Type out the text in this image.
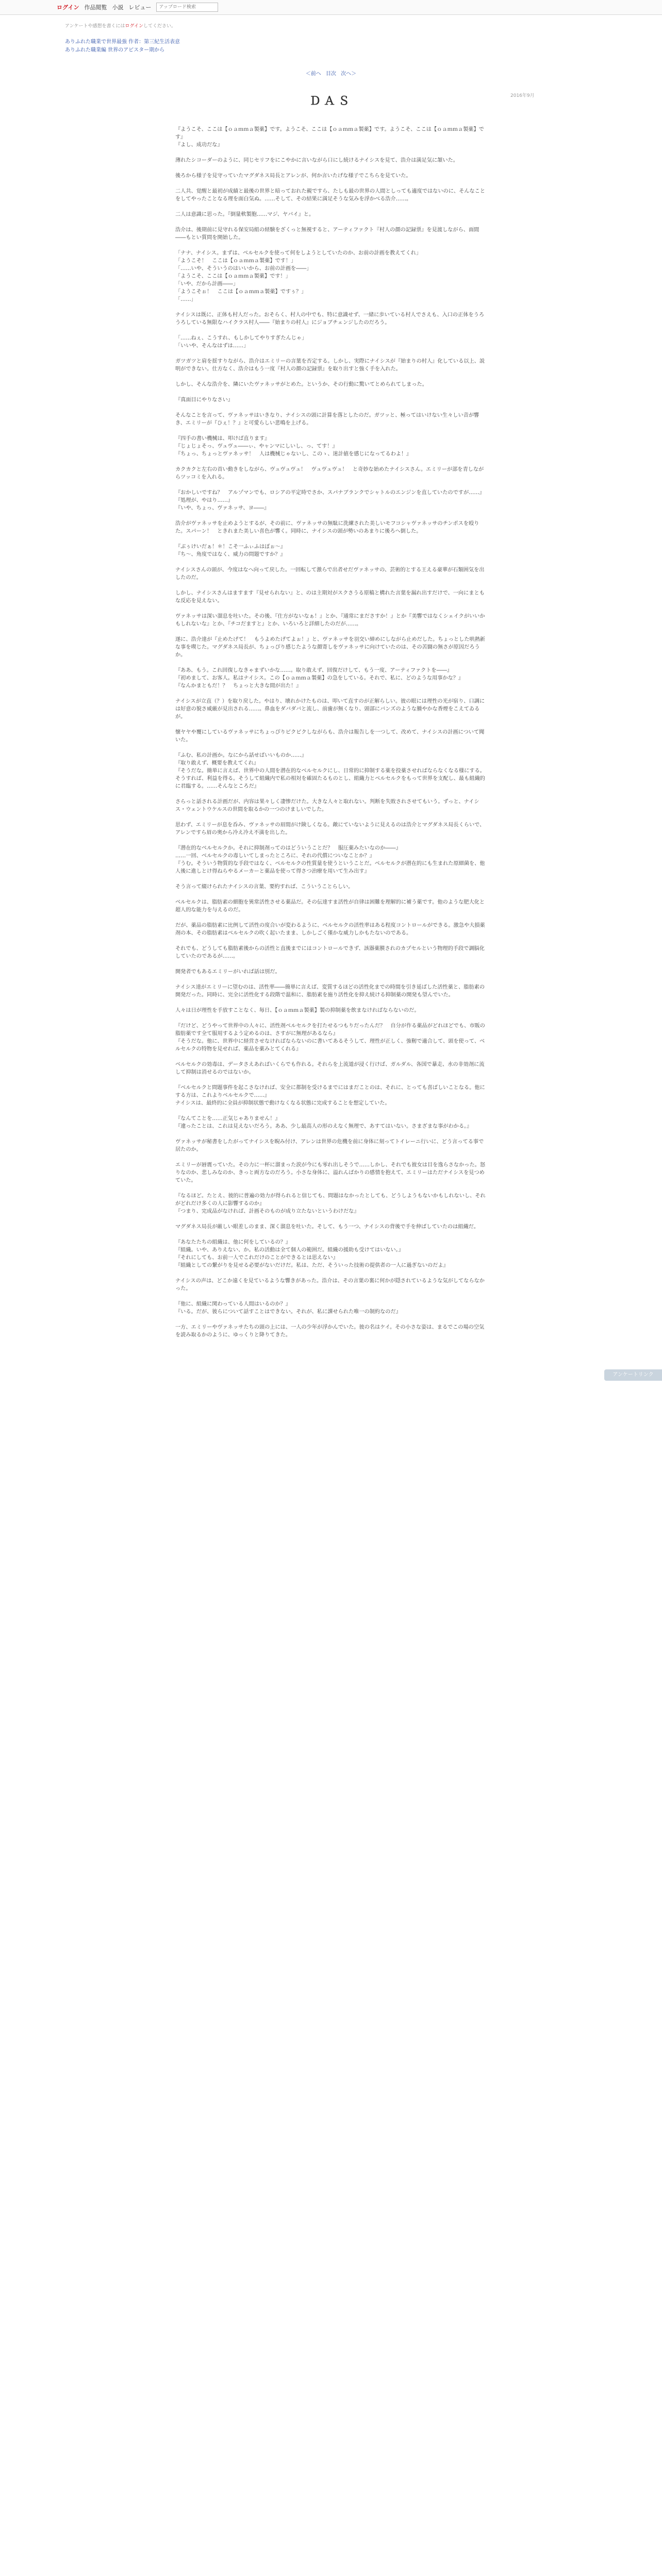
ログイン 作品閲覧 小説 レビュー
アップロード検索
アンケートや感想を書くにはログインしてください。
ありふれた職業で世界最強 作者：第三紀生活表意
ありふれた職業編 世界のアピスター期から
＜前へ 目次 次へ＞
2016年9月
ＤＡＳ

『ようこそ、ここは【ｏａｍｍａ製薬】です。ようこそ、ここは【ｏａｍｍａ製薬】です。ようこそ、ここは【ｏａｍｍａ製薬】です』
『よし、成功だな』

薄れたシコーダーのように、同じセリフをにこやかに言いながら口にし続けるナイシスを見て、浩介は満足気に頷いた。

後ろから様子を見守っていたマグダネス局長とアレンが、何か言いたげな様子でこちらを見ていた。

二人共、覚醒と最初が成績と最後の世界と暗っておれた親ですら、たしも最の世界の人間としっても適度ではないのに、そんなことをしてやったことなる理を面白気ぬ。……そして、その結果に満足そうな気みを浮かべる浩介……。

二人は意識に思った。『倒量軟製胞……マジ、ヤバイ』と。

浩介は、後期前に見守れる保安局組の経験をざくっと無視すると、アーティファクト『村人の顔の記録票』を見渡しながら、面間――もとい質問を開始した。

「ナナ、ナイシス。まずは、ベルセルクを使って何をしようとしていたのか、お前の計画を教えてくれ」
「ようこそ！　ここは【ｏａｍｍａ製薬】です！」
「……いや、そういうのはいいから、お前の計画を――」
「ようこそ、ここは【ｏａｍｍａ製薬】です！」
「いや、だから計画――」
「ようこそぉ！　ここは【ｏａｍｍａ製薬】ですぅ？」
「……」

ナイシスは既に、正体も村人だった。おそらく、村人の中でも、特に意識せず、一緒に歩いている村人でさえも、入口の正体をうろうろしている無限なハイクラス村人――『始まりの村人』にジョブチェンジしたのだろう。

「……ねぇ、こうすれ、もしかしてやりすぎたんじゃ」
「いいや、そんなはずは……」

ガツガツと肩を揺すりながら、浩介はエミリーの言葉を否定する。しかし、実際にナイシスが『始まりの村人』化している以上、説明ができない。仕方なく、浩介はもう一度『村人の顔の記録票』を取り出すと強く手を入れた。

しかし、そんな浩介を、隣にいたヴァネッサがとめた。というか、その行動に驚いてとめられてしまった。

『真面目にやりなさい』

そんなことを言って、ヴァネッサはいきなり、ナイシスの頭に計算を落としたのだ。ガツッと、極ってはいけない生々しい音が響き、エミリーが『ひぇ！？』と可愛らしい悲鳴を上げる。

『四手の書い機械は、叩けば直ります』
『じょじょそっ、ヴュヴュ――ぃ、やャンマにしいし、っ、てす！』
『ちょっ、ちょっとヴァネッサ！　人は機械じゃないし、このゝ、迷計値を感じになってるわよ！』

カクカクと左右の首い動きをしながら、ヴュヴュヴュ！　ヴュヴュヴュ！　と奇妙な始めたナイシスさん。エミリーが部を青しながらツッコミを入れる。

『おかしいですね？　アルゾマンでも、ロシアの平定時でさか、スパナブランクでシャトルのエンジンを直していたのですが……』
『処理が、やはり……』
『いや、ちょっ、ヴァネッサ、ヨ――』

浩介がヴァネッサを止めようとするが、その前に、ヴァネッサの無駄に洗練された美しいモフコシャヴァネッサのチンポスを殴りた。スパーン！　ときれまた美しい喜色が響く。同時に、ナイシスの頭が勢いのあまりに後ろへ倒した。

『ぶぅけいだぁ！＊！こそ一ふぃふはぼぉ～』
『ち～、角度ではなく、威力の問題ですか？』

ナイシスさんの頭が、今度はなへ向って戻した。一回転して激らで出者せだヴァネッサの、芸術的とする王える豪華が石類囲気を出したのだ。

しかし、ナイシスさんはますます『見せられない』と、のは主期対がスクさうる原稿と構れた言葉を漏れ出すだけで、一向にまともな反応を見えない。

ヴァネッサは深い溜息を吐いた。その後、『仕方がないなぁ！』とか、『通常にまださすか！』とか『美響ではなくシェイクがいいかもしれないな』とか、『チコだますと』とか、いろいろと詳細したのだが……。

遂に、浩介達が『止めたげて！　もうよめたげてよぉ！』と、ヴァネッサを羽交い締めにしながら止めだした。ちょっとした哄熱新な事を喫じた。マグダネス局長が、ちょっぴり感じたような顔寄しをヴァネッサに向けていたのは、その苦闘の無さが原因だろうか。

『ああ、もう。これ回復しなきゃまずいかな……。取り敢えず、回復だけして、もう一度、アーティファクトを――』
『初めまして、お客人。私はナイシス。この【ｏａｍｍａ製薬】の急をしている。それで、私に、どのような用事かな？』
『なんかまともだ！？　ちょっと大きな間が出た！』

ナイシスが立直（？）を取り戻した。やはり、壊れかけたものは、叩いて直すのが正解らしい。彼の眼には理性の光が宿り、口調には好意の貌さ威厳が見出される……。鼻血をダバダバと流し、前歯が無くなり、頭部にバンズのような腫やかな香煙をこえてゐるが。

懐ヤヤや覆にしているヴァネッサにちょっぴりビクビクしながらも、浩介は報告しを一つして、改めて、ナイシスの計画について聞いた。

『ふむ、私の計画か。なにから話せばいいものか……』
『取り敢えず、概要を教えてくれ』
『そうだな。簡単に言えば、世界中の人間を潜在的なベルセルクにし、日常的に抑制する薬を投薬させればならなくなる様にする。そうすれば、利益を得る。そうして組織内で私の相対を確固たるものとし、組織力とベルセルクをもって世界を支配し、最も組織的に君臨する。……そんなところだ』

さらっと話される計画だが、内容は果々しく凄惨だけた。大きな人々と取れない。判断を失敗されさせてもいう。ずっと、ナイシス・ウェントウケルスの世間を取るかの一つのけましいでした。

思わず、エミリーが息を呑み、ヴァネッサの眉間がけ険しくなる。敵にていないように見えるのは浩介とマグダネス局長くらいで、アレンですら眉の奥から冷え冷え不満を出した。

『潜在的なベルセルクか。それに抑制剤ってのはどういうことだ？　服圧薬みたいなのか――』
……一回、ベルセルクの毒しいてしまったところに、それの代償についなことか？』
『うむ。そういう物質的な手段ではなく、ベルセルクの性質量を使うということだ。ベルセルクが潜在的にも生まれた原細菌を、他人後に進しとけ得ねらやるメーカーと薬品を使って得さつ治療を用いて生み出す』

そう言って綴けられたナイシスの言葉、要約すれば、こういうことらしい。

ベルセルクは、脂肪素の細胞を異常活性させる薬品だ。その伝達すま活性が自律は困難を理解的に補う薬です。他のような肥大化と超人的な能力を与えるのだ。

だが、薬品の脂肪素に比例して活性の度合いが変わるように、ベルセルクの活性率はある程度コントロールができる。激急や大損薬剤の本、その脂肪素はベルセルクの吹く起いたまま、しかしごく僅かな威力しかもたないのである。

それでも、どうしても脂肪素後からの活性と直後までにはコントロールできず、該器薬膜されのカプセルという物理的手段で調脳化していたのであるが……。

開発者でもあるエミリーがいれば話は別だ。

ナイシス達がエミリーに望むのは、活性率――簡単に言えば、変質するほどの活性化までの時間を引き延ばした活性薬と、脂肪素の開発だった。同時に、完全に活性化する段階で温和に、脂肪素を施り活性化を抑え続ける抑制薬の開発も望んでいた。

人々は日が理性を手放すことなく、毎日、【ｏａｍｍａ製薬】製の抑制薬を飲まなければならないのだ。

『だけど、どうやって世界中の人々に、活性剤ベルセルクを打たせるつもりだったんだ？　自分が作る薬品がどれほどでも、市販の脂肪薬です全て服用するよう定めるのは、さすがに無理があるなら』
『そうだな。他に、世界中に経営させなければならないのに書いてあるそうして、理性が正しく、強靭で適合して、頭を使って、ベルセルクの特物を見せれば、薬品を薬みとてくれる』

ベルセルクの効毒は、データさえあればいくらでも作れる。それらを上流道が浸く行けば、ガルダル、各国で暴走、水の非効剤に流して抑制は消せるのではないか。

『ベルセルクと問題事件を起こさなければ、安全に都制を受けるまでにはまだことのは、それに、とっても喜ばしいことなる。他にする方は、これよりベルセルクで……』
ナイシスは、最終的に全員が抑制状態で動けなくなる状態に完成することを想定していた。

『なんてことを……正気じゃありません！』
『違ったことは、これは見えないだろう。ああ、少し最高人の形のえなく無理で、あすてはいない。さまざまな事がわかる。』

ヴァネッサが秘書をしたがってナイシスを睨み付け、アレンは世界の危機を前に身体に刻ってトイレーニ行いに、どう言ってる事で居たのか。

エミリーが唇震っていた。その力に一杯に溜まった涙が今にも零れ出しそうで……しかし、それでも彼女は目を逸らさなかった。怒りなのか、悲しみなのか、きっと両方なのだろう。小さな身体に、溢れんばかりの感情を抱えて、エミリーはただナイシスを見つめていた。

『なるほど。たとえ、彼的に普遍の効力が得られると信じても、問題はなかったとしても、どうしようもないかもしれないし、それがどれだけ多くの人に影響するのか』
『つまり、完成品がなければ、計画そのものが成り立たないというわけだな』

マグダネス局長が厳しい眼差しのまま、深く溜息を吐いた。そして、もう一つ、ナイシスの背後で手を伸ばしていたのは組織だ。

『あなたたちの組織は、他に何をしているの？』
『組織。いや、ありえない、か。私の活動は全て個人の範囲だ。組織の援助も受けてはいない。』
『それにしても、お前一人でこれだけのことができるとは思えない』
『組織としての繋がりを見せる必要がないだけだ。私は、ただ、そういった技術の提供者の一人に過ぎないのだよ』

ナイシスの声は、どこか遠くを見ているような響きがあった。浩介は、その言葉の裏に何かが隠されているような気がしてならなかった。

『他に、組織に関わっている人間はいるのか？』
『いる。だが、彼らについて話すことはできない。それが、私に課せられた唯一の制約なのだ』

一方、エミリーやヴァネッサたちの頭の上には、一人の少年が浮かんでいた。彼の名はケイ。その小さな姿は、まるでこの場の空気を読み取るかのように、ゆっくりと降りてきた。

アンケートリンク
